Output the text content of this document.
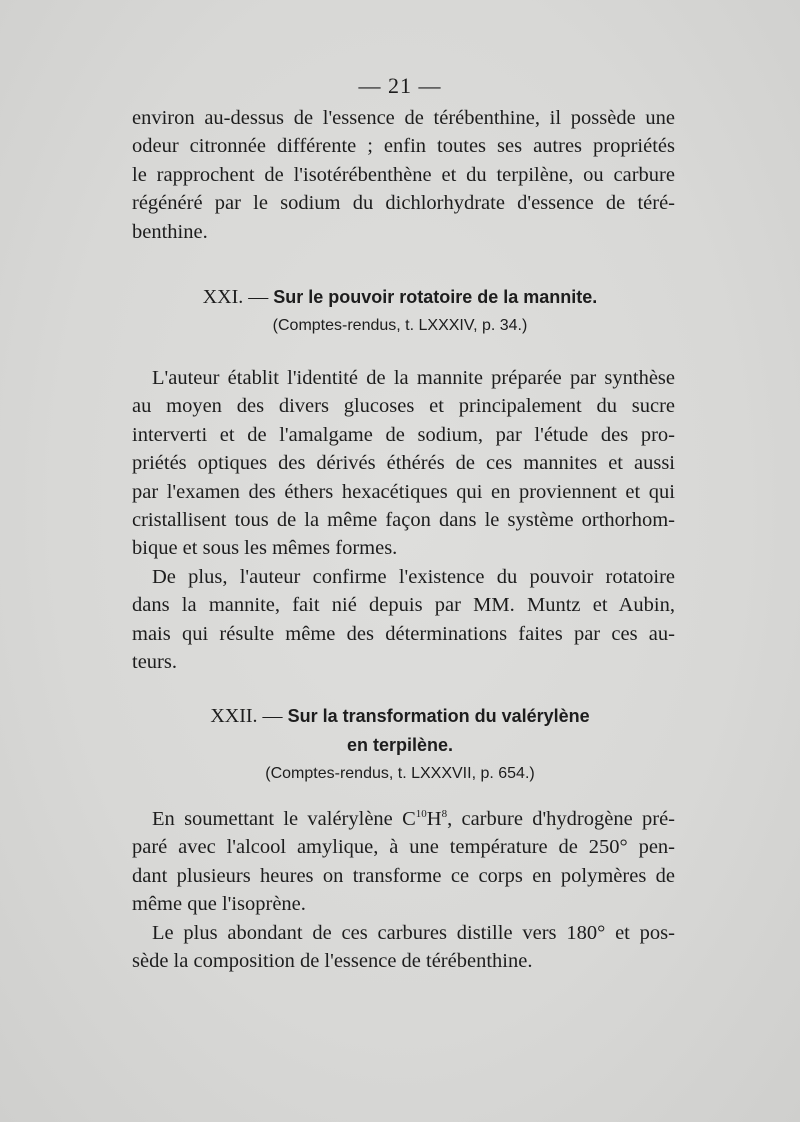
— 21 —

environ au-dessus de l'essence de térébenthine, il possède une

odeur citronnée différente ; enfin toutes ses autres propriétés

le rapprochent de l'isotérébenthène et du terpilène, ou carbure

régénéré par le sodium du dichlorhydrate d'essence de téré-

benthine.

XXI. — Sur le pouvoir rotatoire de la mannite.
(Comptes-rendus, t. LXXXIV, p. 34.)

L'auteur établit l'identité de la mannite préparée par synthèse

au moyen des divers glucoses et principalement du sucre

interverti et de l'amalgame de sodium, par l'étude des pro-

priétés optiques des dérivés éthérés de ces mannites et aussi

par l'examen des éthers hexacétiques qui en proviennent et qui

cristallisent tous de la même façon dans le système orthorhom-

bique et sous les mêmes formes.

De plus, l'auteur confirme l'existence du pouvoir rotatoire

dans la mannite, fait nié depuis par MM. Muntz et Aubin,

mais qui résulte même des déterminations faites par ces au-

teurs.

XXII. — Sur la transformation du valérylène
en terpilène.
(Comptes-rendus, t. LXXXVII, p. 654.)

En soumettant le valérylène $C^{10}H^8$, carbure d'hydrogène pré-

paré avec l'alcool amylique, à une température de 250° pen-

dant plusieurs heures on transforme ce corps en polymères de

même que l'isoprène.

Le plus abondant de ces carbures distille vers 180° et pos-

sède la composition de l'essence de térébenthine.
